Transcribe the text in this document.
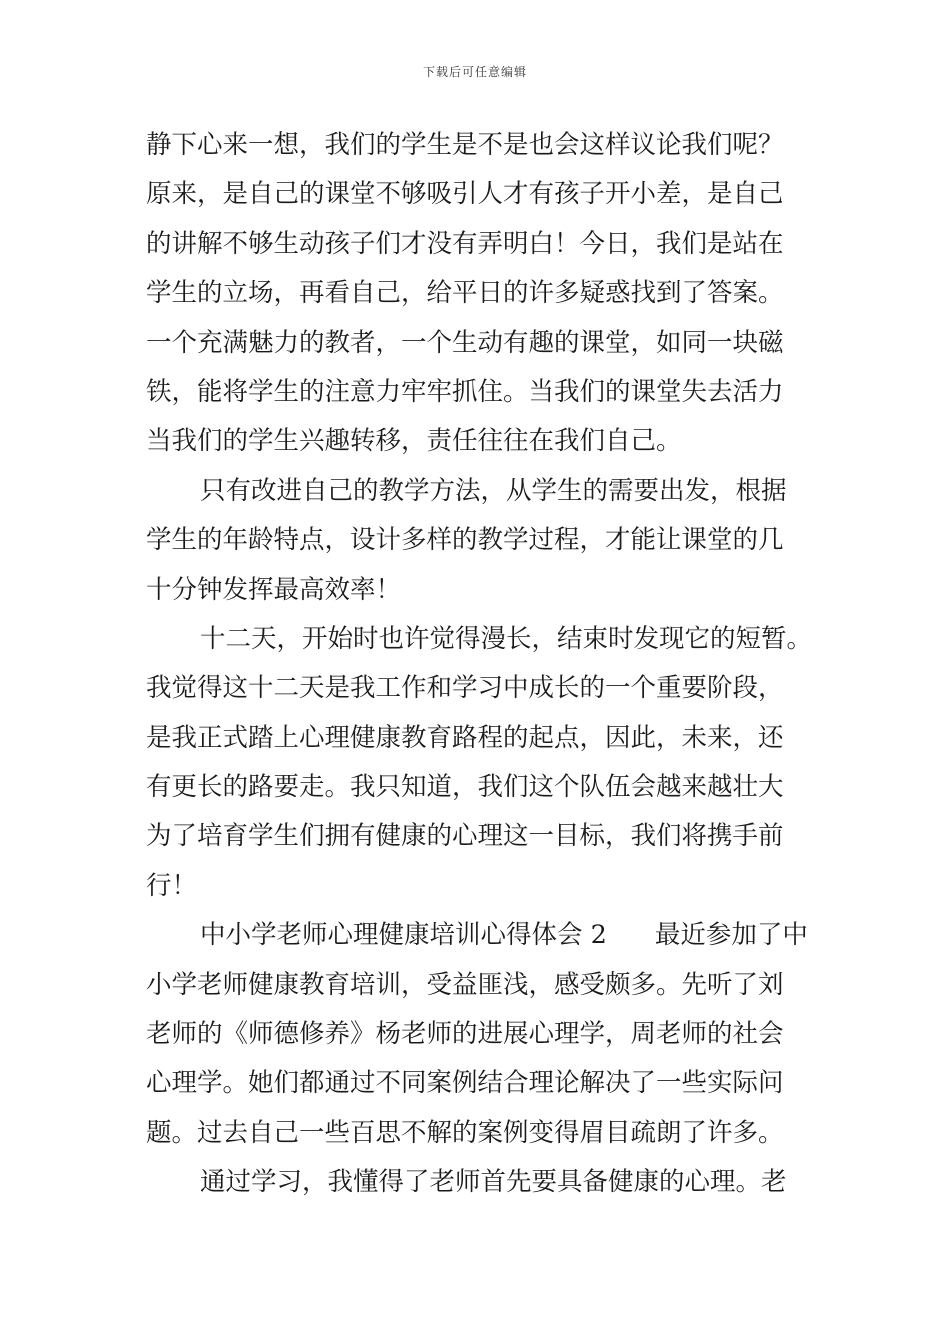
下载后可任意编辑
静下心来一想，我们的学生是不是也会这样议论我们呢？
原来，是自己的课堂不够吸引人才有孩子开小差，是自己
的讲解不够生动孩子们才没有弄明白！今日，我们是站在
学生的立场，再看自己，给平日的许多疑惑找到了答案。
一个充满魅力的教者，一个生动有趣的课堂，如同一块磁
铁，能将学生的注意力牢牢抓住。当我们的课堂失去活力
当我们的学生兴趣转移，责任往往在我们自己。
只有改进自己的教学方法，从学生的需要出发，根据
学生的年龄特点，设计多样的教学过程，才能让课堂的几
十分钟发挥最高效率！
十二天，开始时也许觉得漫长，结束时发现它的短暂。
我觉得这十二天是我工作和学习中成长的一个重要阶段，
是我正式踏上心理健康教育路程的起点，因此，未来，还
有更长的路要走。我只知道，我们这个队伍会越来越壮大
为了培育学生们拥有健康的心理这一目标，我们将携手前
行！
中小学老师心理健康培训心得体会 2 最近参加了中
小学老师健康教育培训，受益匪浅，感受颇多。先听了刘
老师的《师德修养》杨老师的进展心理学，周老师的社会
心理学。她们都通过不同案例结合理论解决了一些实际问
题。过去自己一些百思不解的案例变得眉目疏朗了许多。
通过学习，我懂得了老师首先要具备健康的心理。老
